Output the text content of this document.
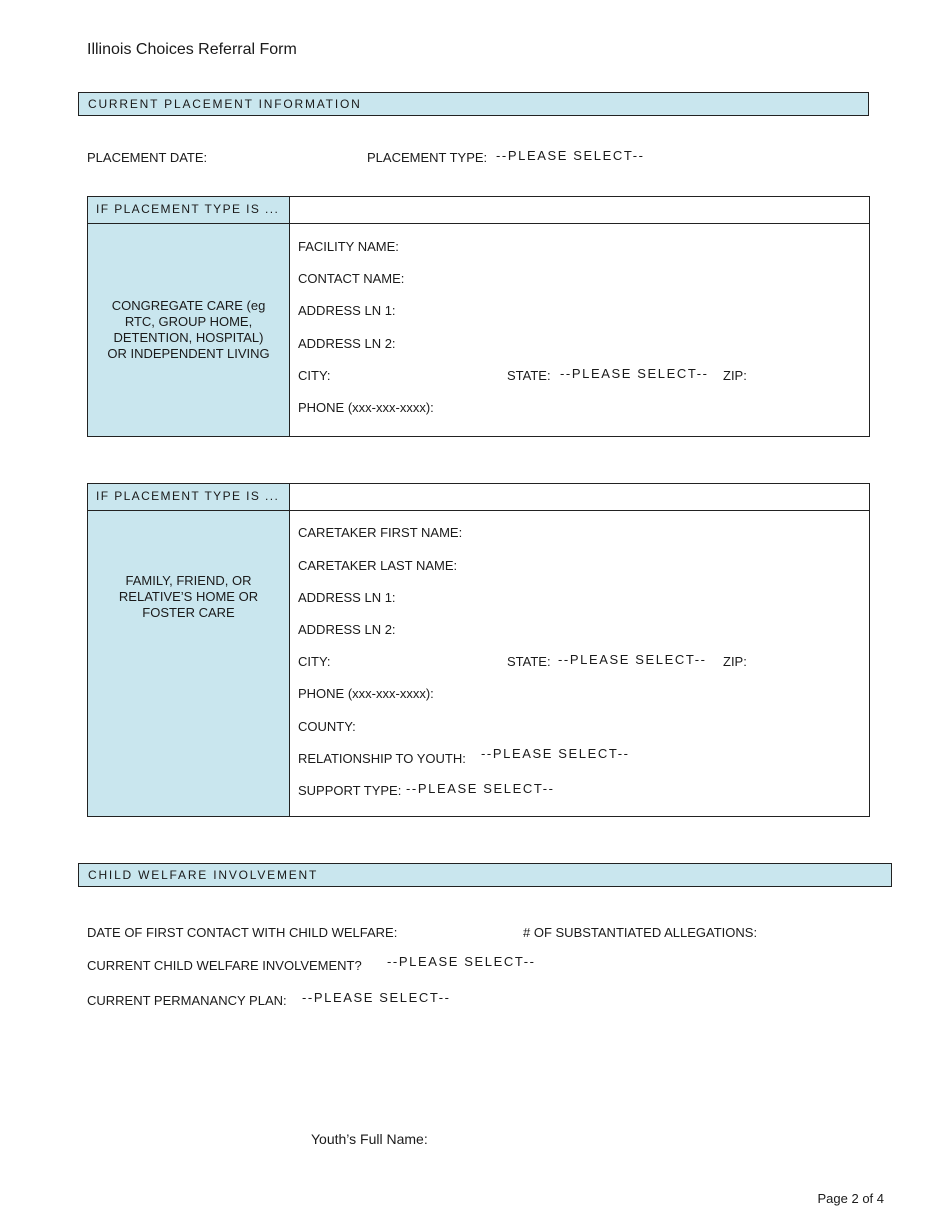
Illinois Choices Referral Form
CURRENT PLACEMENT INFORMATION
PLACEMENT DATE:	PLACEMENT TYPE: --PLEASE SELECT--
IF PLACEMENT TYPE IS ...
CONGREGATE CARE (eg RTC, GROUP HOME, DETENTION, HOSPITAL) OR INDEPENDENT LIVING
FACILITY NAME:
CONTACT NAME:
ADDRESS LN 1:
ADDRESS LN 2:
CITY:	STATE: --PLEASE SELECT-- ZIP:
PHONE (xxx-xxx-xxxx):
IF PLACEMENT TYPE IS ...
FAMILY, FRIEND, OR RELATIVE’S HOME OR FOSTER CARE
CARETAKER FIRST NAME:
CARETAKER LAST NAME:
ADDRESS LN 1:
ADDRESS LN 2:
CITY:	STATE: --PLEASE SELECT-- ZIP:
PHONE (xxx-xxx-xxxx):
COUNTY:
RELATIONSHIP TO YOUTH: --PLEASE SELECT--
SUPPORT TYPE: --PLEASE SELECT--
CHILD WELFARE INVOLVEMENT
DATE OF FIRST CONTACT WITH CHILD WELFARE:	# OF SUBSTANTIATED ALLEGATIONS:
CURRENT CHILD WELFARE INVOLVEMENT? --PLEASE SELECT--
CURRENT PERMANANCY PLAN: --PLEASE SELECT--
Youth’s Full Name:
Page 2 of 4
